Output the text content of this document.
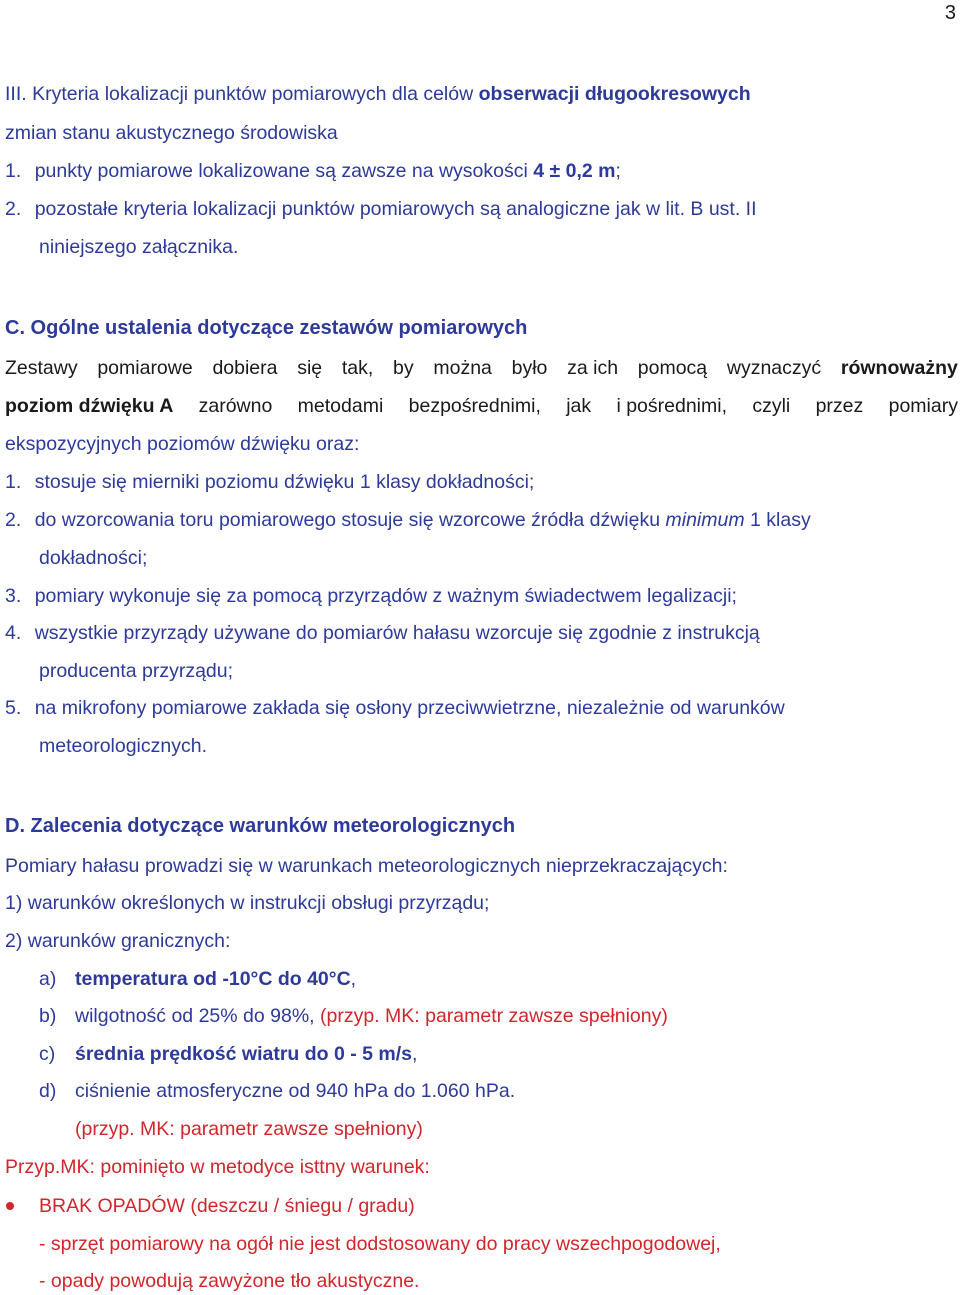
3
III. Kryteria lokalizacji punktów pomiarowych dla celów obserwacji długookresowych
zmian stanu akustycznego środowiska
1. punkty pomiarowe lokalizowane są zawsze na wysokości 4 ± 0,2 m;
2. pozostałe kryteria lokalizacji punktów pomiarowych są analogiczne jak w lit. B ust. II
niniejszego załącznika.
C. Ogólne ustalenia dotyczące zestawów pomiarowych
Zestawy pomiarowe dobiera się tak, by można było za ich pomocą wyznaczyć równoważny
poziom dźwięku A zarówno metodami bezpośrednimi, jak i pośrednimi, czyli przez pomiary
ekspozycyjnych poziomów dźwięku oraz:
1. stosuje się mierniki poziomu dźwięku 1 klasy dokładności;
2. do wzorcowania toru pomiarowego stosuje się wzorcowe źródła dźwięku minimum 1 klasy
dokładności;
3. pomiary wykonuje się za pomocą przyrządów z ważnym świadectwem legalizacji;
4. wszystkie przyrządy używane do pomiarów hałasu wzorcuje się zgodnie z instrukcją
producenta przyrządu;
5. na mikrofony pomiarowe zakłada się osłony przeciwwietrzne, niezależnie od warunków
meteorologicznych.
D. Zalecenia dotyczące warunków meteorologicznych
Pomiary hałasu prowadzi się w warunkach meteorologicznych nieprzekraczających:
1) warunków określonych w instrukcji obsługi przyrządu;
2) warunków granicznych:
a) temperatura od -10°C do 40°C,
b) wilgotność od 25% do 98%, (przyp. MK: parametr zawsze spełniony)
c) średnia prędkość wiatru do 0 - 5 m/s,
d) ciśnienie atmosferyczne od 940 hPa do 1.060 hPa.
(przyp. MK: parametr zawsze spełniony)
Przyp.MK: pominięto w metodyce isttny warunek:
BRAK OPADÓW (deszczu / śniegu / gradu)
- sprzęt pomiarowy na ogół nie jest dodstosowany do pracy wszechpogodowej,
- opady powodują zawyżone tło akustyczne.
